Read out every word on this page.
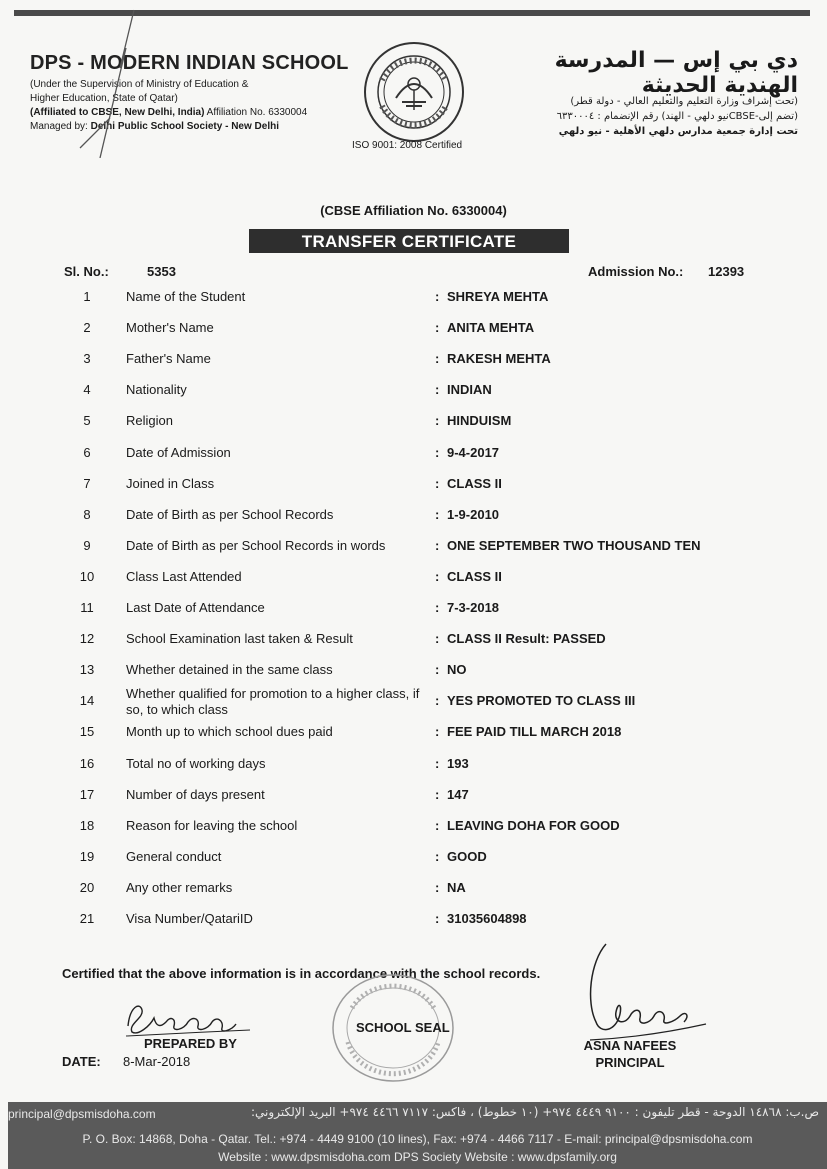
DPS - MODERN INDIAN SCHOOL
(Under the Supervision of Ministry of Education &
Higher Education, State of Qatar)
(Affiliated to CBSE, New Delhi, India) Affiliation No. 6330004
Managed by: Delhi Public School Society - New Delhi
ISO 9001: 2008 Certified
دي بي إس — المدرسة الهندية الحديثة
(تحت إشراف وزارة التعليم والتعليم العالي - دولة قطر)
(تضم إلى-CBSEنيو دلهي - الهند) رقم الإنضمام : ٦٣٣٠٠٠٤
تحت إدارة جمعية مدارس دلهي الأهلية - نيو دلهي
(CBSE Affiliation No. 6330004)
TRANSFER CERTIFICATE
Sl. No.:	5353	Admission No.: 12393
1	Name of the Student	: SHREYA MEHTA
2	Mother's Name	: ANITA MEHTA
3	Father's Name	: RAKESH MEHTA
4	Nationality	: INDIAN
5	Religion	: HINDUISM
6	Date of Admission	: 9-4-2017
7	Joined in Class	: CLASS II
8	Date of Birth as per School Records	: 1-9-2010
9	Date of Birth as per School Records in words	: ONE SEPTEMBER TWO THOUSAND TEN
10	Class Last Attended	: CLASS II
11	Last Date of Attendance	: 7-3-2018
12	School Examination last taken & Result	: CLASS II Result: PASSED
13	Whether detained in the same class	: NO
14	Whether qualified for promotion to a higher class, if so, to which class
: YES PROMOTED TO CLASS III
15	Month up to which school dues paid	: FEE PAID TILL MARCH 2018
16	Total no of working days	: 193
17	Number of days present	: 147
18	Reason for leaving the school	: LEAVING DOHA FOR GOOD
19	General conduct	: GOOD
20	Any other remarks	: NA
21	Visa Number/QatariID	: 31035604898
Certified that the above information is in accordance with the school records.
PREPARED BY
DATE: 8-Mar-2018
SCHOOL SEAL
ASNA NAFEES
PRINCIPAL
principal@dpsmisdoha.com	ص.ب: ١٤٨٦٨ الدوحة - قطر تليفون : ٩١٠٠ ٤٤٤٩ ٩٧٤+ (١٠ خطوط) ، فاكس: ٧١١٧ ٤٤٦٦ ٩٧٤+ البريد الإلكتروني:
P. O. Box: 14868, Doha - Qatar. Tel.: +974 - 4449 9100 (10 lines), Fax: +974 - 4466 7117 - E-mail: principal@dpsmisdoha.com
Website : www.dpsmisdoha.com DPS Society Website : www.dpsfamily.org
